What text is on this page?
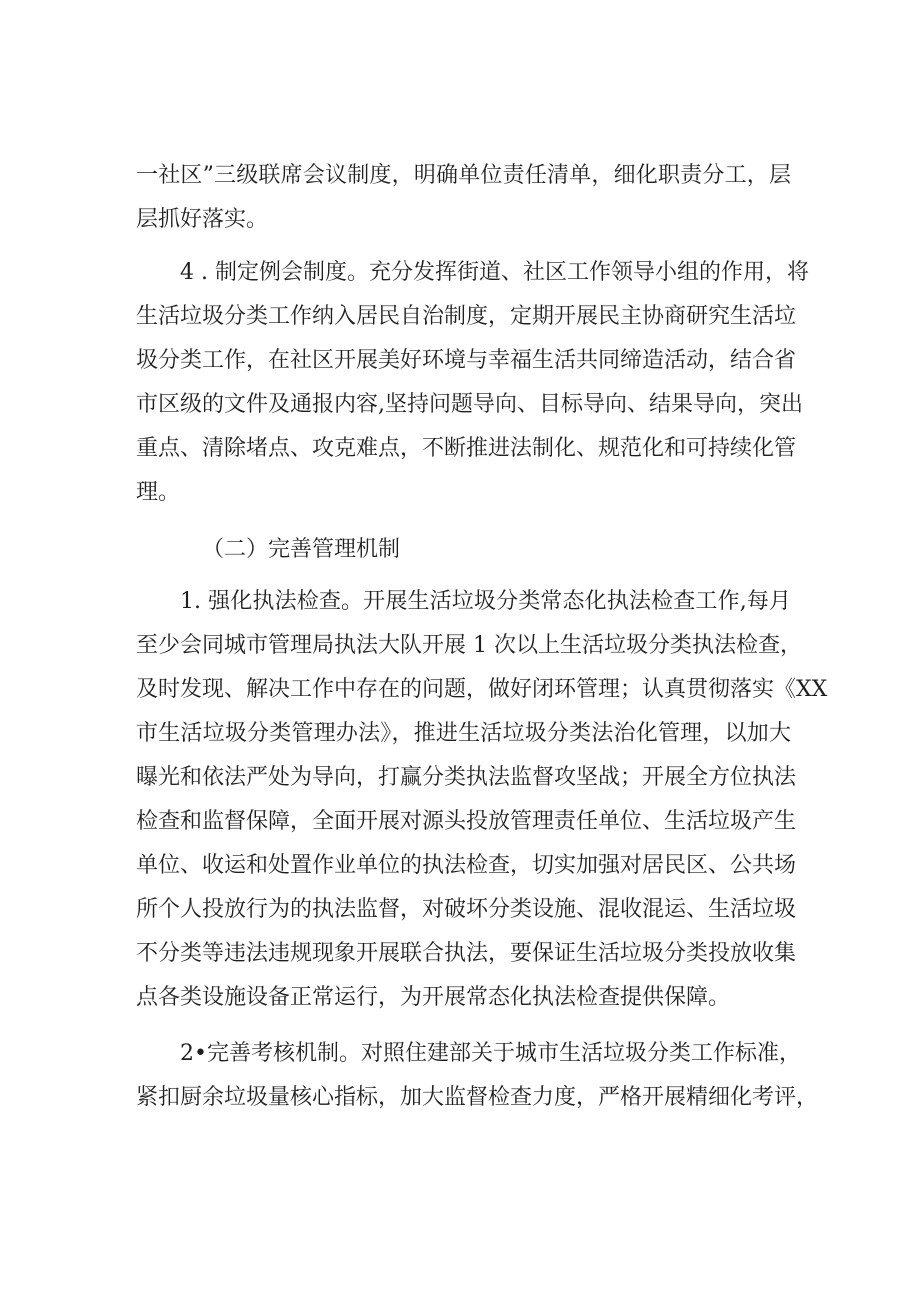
一社区”三级联席会议制度，明确单位责任清单，细化职责分工，层
层抓好落实。
4 . 制定例会制度。充分发挥街道、社区工作领导小组的作用，将
生活垃圾分类工作纳入居民自治制度，定期开展民主协商研究生活垃
圾分类工作，在社区开展美好环境与幸福生活共同缔造活动，结合省
市区级的文件及通报内容,坚持问题导向、目标导向、结果导向，突出
重点、清除堵点、攻克难点，不断推进法制化、规范化和可持续化管
理。
（二）完善管理机制
1. 强化执法检查。开展生活垃圾分类常态化执法检查工作,每月
至少会同城市管理局执法大队开展 1 次以上生活垃圾分类执法检查，
及时发现、解决工作中存在的问题，做好闭环管理；认真贯彻落实《XX
市生活垃圾分类管理办法》，推进生活垃圾分类法治化管理，以加大
曝光和依法严处为导向，打赢分类执法监督攻坚战；开展全方位执法
检查和监督保障，全面开展对源头投放管理责任单位、生活垃圾产生
单位、收运和处置作业单位的执法检查，切实加强对居民区、公共场
所个人投放行为的执法监督，对破坏分类设施、混收混运、生活垃圾
不分类等违法违规现象开展联合执法，要保证生活垃圾分类投放收集
点各类设施设备正常运行，为开展常态化执法检查提供保障。
2•完善考核机制。对照住建部关于城市生活垃圾分类工作标准，
紧扣厨余垃圾量核心指标，加大监督检查力度，严格开展精细化考评，
